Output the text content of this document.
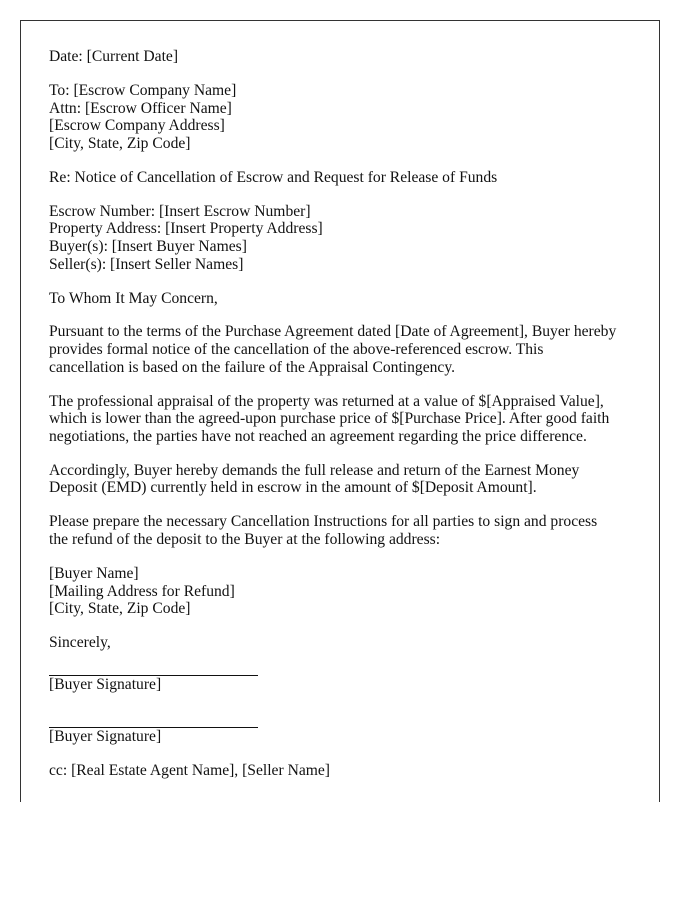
Date: [Current Date]
To: [Escrow Company Name]
Attn: [Escrow Officer Name]
[Escrow Company Address]
[City, State, Zip Code]
Re: Notice of Cancellation of Escrow and Request for Release of Funds
Escrow Number: [Insert Escrow Number]
Property Address: [Insert Property Address]
Buyer(s): [Insert Buyer Names]
Seller(s): [Insert Seller Names]
To Whom It May Concern,
Pursuant to the terms of the Purchase Agreement dated [Date of Agreement], Buyer hereby
provides formal notice of the cancellation of the above-referenced escrow. This
cancellation is based on the failure of the Appraisal Contingency.
The professional appraisal of the property was returned at a value of $[Appraised Value],
which is lower than the agreed-upon purchase price of $[Purchase Price]. After good faith
negotiations, the parties have not reached an agreement regarding the price difference.
Accordingly, Buyer hereby demands the full release and return of the Earnest Money
Deposit (EMD) currently held in escrow in the amount of $[Deposit Amount].
Please prepare the necessary Cancellation Instructions for all parties to sign and process
the refund of the deposit to the Buyer at the following address:
[Buyer Name]
[Mailing Address for Refund]
[City, State, Zip Code]
Sincerely,
[Buyer Signature]
[Buyer Signature]
cc: [Real Estate Agent Name], [Seller Name]
